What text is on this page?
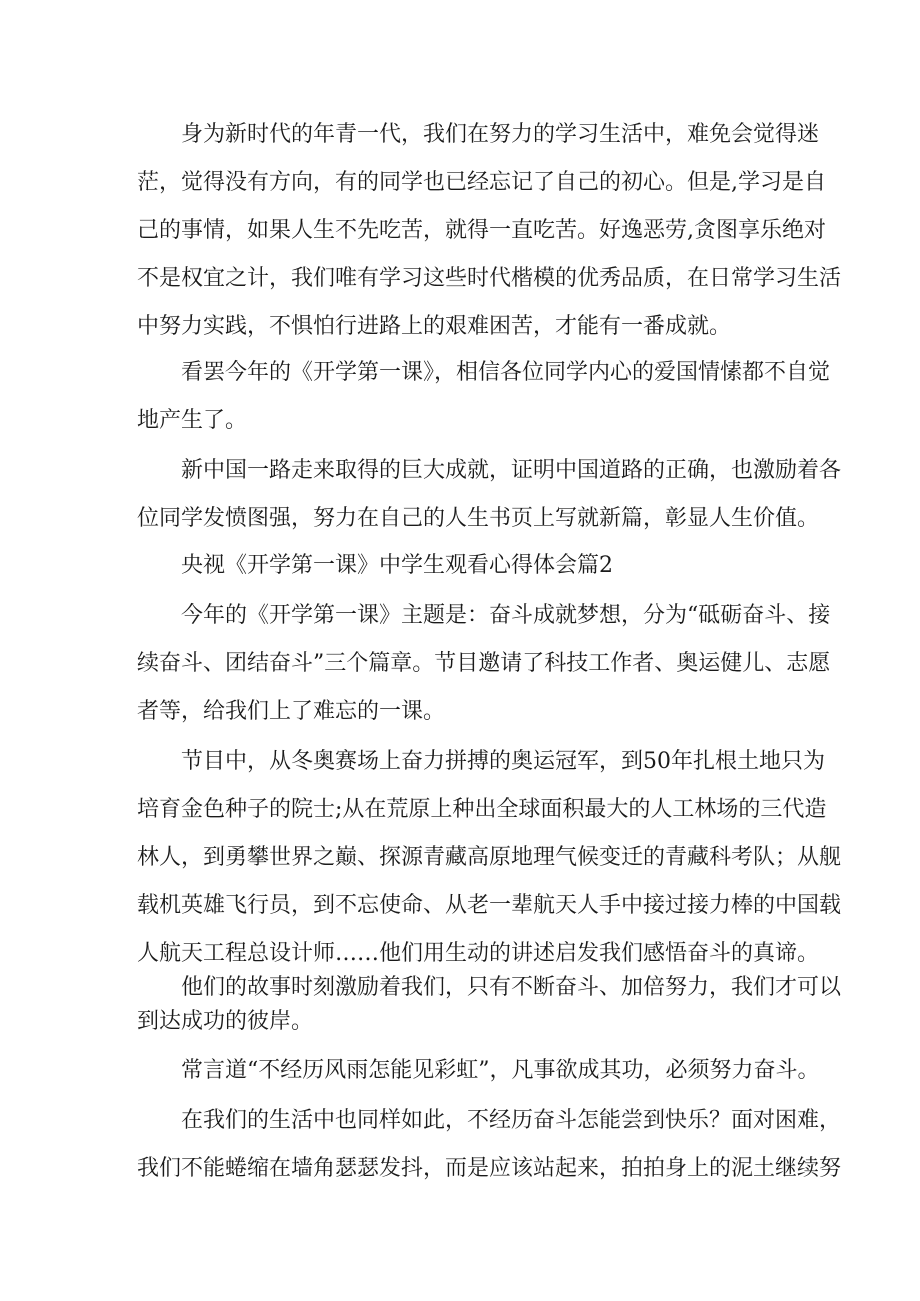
身为新时代的年青一代，我们在努力的学习生活中，难免会觉得迷

茫，觉得没有方向，有的同学也已经忘记了自己的初心。但是,学习是自

己的事情，如果人生不先吃苦，就得一直吃苦。好逸恶劳,贪图享乐绝对

不是权宜之计，我们唯有学习这些时代楷模的优秀品质，在日常学习生活

中努力实践，不惧怕行进路上的艰难困苦，才能有一番成就。

看罢今年的《开学第一课》，相信各位同学内心的爱国情愫都不自觉

地产生了。

新中国一路走来取得的巨大成就，证明中国道路的正确，也激励着各

位同学发愤图强，努力在自己的人生书页上写就新篇，彰显人生价值。

央视《开学第一课》中学生观看心得体会篇2

今年的《开学第一课》主题是：奋斗成就梦想，分为“砥砺奋斗、接

续奋斗、团结奋斗”三个篇章。节目邀请了科技工作者、奥运健儿、志愿

者等，给我们上了难忘的一课。

节目中，从冬奥赛场上奋力拼搏的奥运冠军，到50年扎根土地只为

培育金色种子的院士;从在荒原上种出全球面积最大的人工林场的三代造

林人，到勇攀世界之巅、探源青藏高原地理气候变迁的青藏科考队；从舰

载机英雄飞行员，到不忘使命、从老一辈航天人手中接过接力棒的中国载

人航天工程总设计师……他们用生动的讲述启发我们感悟奋斗的真谛。

他们的故事时刻激励着我们，只有不断奋斗、加倍努力，我们才可以

到达成功的彼岸。

常言道“不经历风雨怎能见彩虹”，凡事欲成其功，必须努力奋斗。

在我们的生活中也同样如此，不经历奋斗怎能尝到快乐？面对困难，

我们不能蜷缩在墙角瑟瑟发抖，而是应该站起来，拍拍身上的泥土继续努
